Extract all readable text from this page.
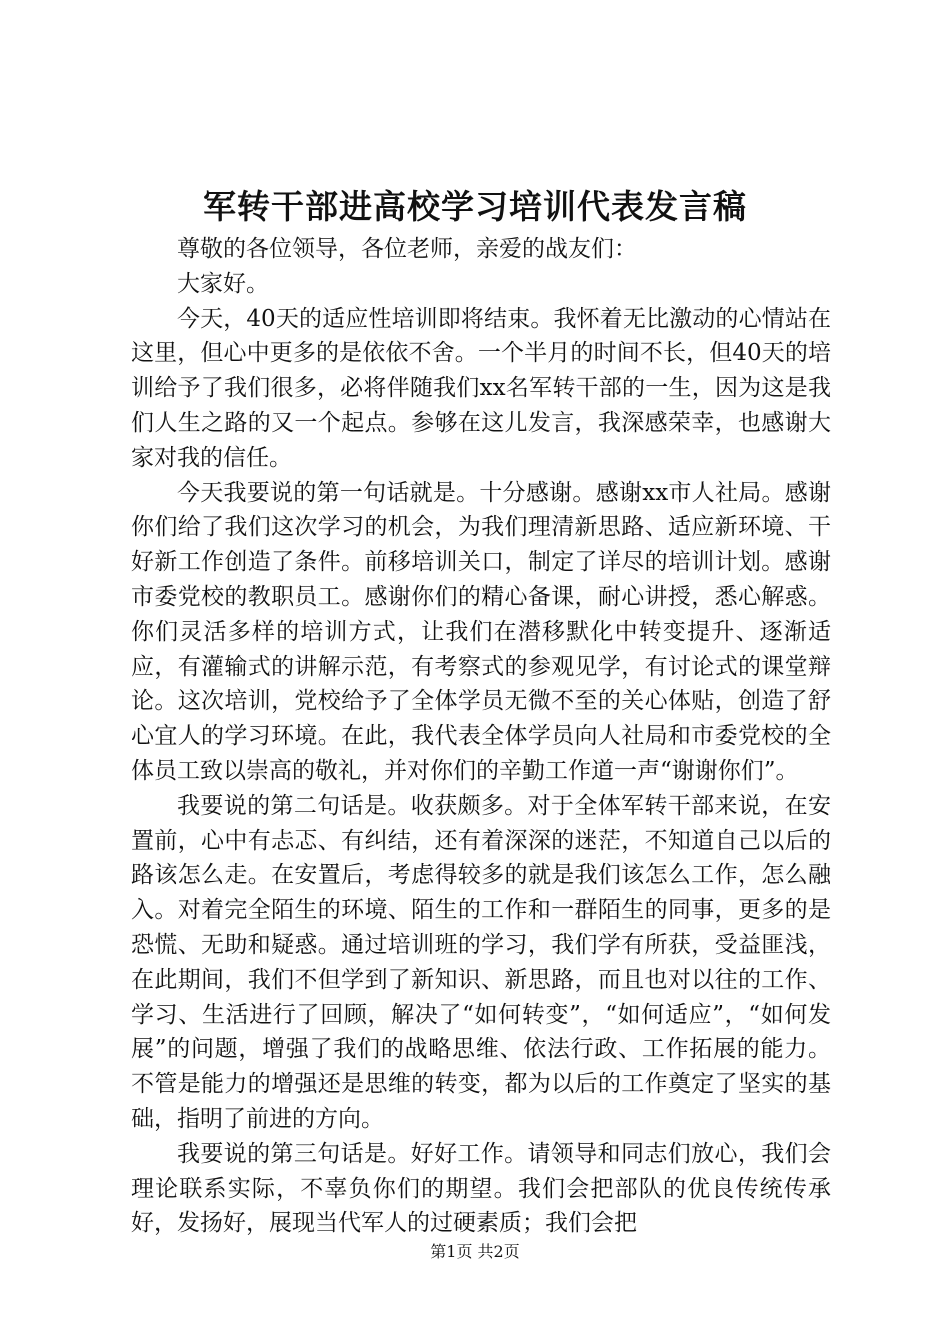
军转干部进高校学习培训代表发言稿

尊敬的各位领导，各位老师，亲爱的战友们：

大家好。

今天，40天的适应性培训即将结束。我怀着无比激动的心情站在这里，但心中更多的是依依不舍。一个半月的时间不长，但40天的培训给予了我们很多，必将伴随我们xx名军转干部的一生，因为这是我们人生之路的又一个起点。参够在这儿发言，我深感荣幸，也感谢大家对我的信任。

今天我要说的第一句话就是。十分感谢。感谢xx市人社局。感谢你们给了我们这次学习的机会，为我们理清新思路、适应新环境、干好新工作创造了条件。前移培训关口，制定了详尽的培训计划。感谢市委党校的教职员工。感谢你们的精心备课，耐心讲授，悉心解惑。你们灵活多样的培训方式，让我们在潜移默化中转变提升、逐渐适应，有灌输式的讲解示范，有考察式的参观见学，有讨论式的课堂辩论。这次培训，党校给予了全体学员无微不至的关心体贴，创造了舒心宜人的学习环境。在此，我代表全体学员向人社局和市委党校的全体员工致以崇高的敬礼，并对你们的辛勤工作道一声“谢谢你们”。

我要说的第二句话是。收获颇多。对于全体军转干部来说，在安置前，心中有忐忑、有纠结，还有着深深的迷茫，不知道自己以后的路该怎么走。在安置后，考虑得较多的就是我们该怎么工作，怎么融入。对着完全陌生的环境、陌生的工作和一群陌生的同事，更多的是恐慌、无助和疑惑。通过培训班的学习，我们学有所获，受益匪浅，在此期间，我们不但学到了新知识、新思路，而且也对以往的工作、学习、生活进行了回顾，解决了“如何转变”，“如何适应”，“如何发展”的问题，增强了我们的战略思维、依法行政、工作拓展的能力。不管是能力的增强还是思维的转变，都为以后的工作奠定了坚实的基础，指明了前进的方向。

我要说的第三句话是。好好工作。请领导和同志们放心，我们会理论联系实际，不辜负你们的期望。我们会把部队的优良传统传承好，发扬好，展现当代军人的过硬素质；我们会把

第1页 共2页
